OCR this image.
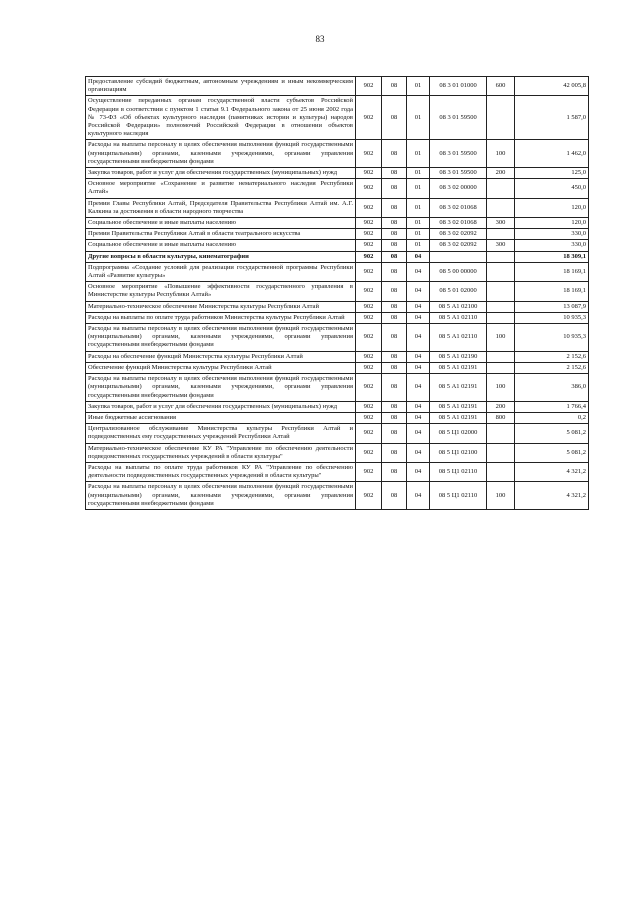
83
Предоставление субсидий бюджетным, автономным учреждениям и иным некоммерческим организациям	902	08	01	08 3 01 01000	600	42 005,8
Осуществление переданных органам государственной власти субъектов Российской Федерации в соответствии с пунктом 1 статьи 9.1 Федерального закона от 25 июня 2002 года № 73-ФЗ «Об объектах культурного наследия (памятниках истории и культуры) народов Российской Федерации» полномочий Российской Федерации в отношении объектов культурного наследия	902	08	01	08 3 01 59500		1 587,0
Расходы на выплаты персоналу в целях обеспечения выполнения функций государственными (муниципальными) органами, казенными учреждениями, органами управления государственными внебюджетными фондами	902	08	01	08 3 01 59500	100	1 462,0
Закупка товаров, работ и услуг для обеспечения государственных (муниципальных) нужд	902	08	01	08 3 01 59500	200	125,0
Основное мероприятие «Сохранение и развитие нематериального наследия Республики Алтай»	902	08	01	08 3 02 00000		450,0
Премии Главы Республики Алтай, Председателя Правительства Республики Алтай им. А.Г. Калкина за достижения в области народного творчества	902	08	01	08 3 02 01068		120,0
Социальное обеспечение и иные выплаты населению	902	08	01	08 3 02 01068	300	120,0
Премии Правительства Республики Алтай в области театрального искусства	902	08	01	08 3 02 02092		330,0
Социальное обеспечение и иные выплаты населению	902	08	01	08 3 02 02092	300	330,0
Другие вопросы в области культуры, кинематографии	902	08	04			18 309,1
Подпрограмма «Создание условий для реализации государственной программы Республики Алтай «Развитие культуры»	902	08	04	08 5 00 00000		18 169,1
Основное мероприятие «Повышение эффективности государственного управления в Министерстве культуры Республики Алтай»	902	08	04	08 5 01 02000		18 169,1
Материально-техническое обеспечение Министерства культуры Республики Алтай	902	08	04	08 5 А1 02100		13 087,9
Расходы на выплаты по оплате труда работников Министерства культуры Республики Алтай	902	08	04	08 5 А1 02110		10 935,3
Расходы на выплаты персоналу в целях обеспечения выполнения функций государственными (муниципальными) органами, казенными учреждениями, органами управления государственными внебюджетными фондами	902	08	04	08 5 А1 02110	100	10 935,3
Расходы на обеспечение функций Министерства культуры Республики Алтай	902	08	04	08 5 А1 02190		2 152,6
Обеспечение функций Министерства культуры Республики Алтай	902	08	04	08 5 А1 02191		2 152,6
Расходы на выплаты персоналу в целях обеспечения выполнения функций государственными (муниципальными) органами, казенными учреждениями, органами управления государственными внебюджетными фондами	902	08	04	08 5 А1 02191	100	386,0
Закупка товаров, работ и услуг для обеспечения государственных (муниципальных) нужд	902	08	04	08 5 А1 02191	200	1 766,4
Иные бюджетные ассигнования	902	08	04	08 5 А1 02191	800	0,2
Централизованное обслуживание Министерства культуры Республики Алтай и подведомственных ему государственных учреждений Республики Алтай	902	08	04	08 5 Ц1 02000		5 081,2
Материально-техническое обеспечение КУ РА "Управление по обеспечению деятельности подведомственных государственных учреждений в области культуры"	902	08	04	08 5 Ц1 02100		5 081,2
Расходы на выплаты по оплате труда работников КУ РА "Управление по обеспечению деятельности подведомственных государственных учреждений в области культуры"	902	08	04	08 5 Ц1 02110		4 321,2
Расходы на выплаты персоналу в целях обеспечения выполнения функций государственными (муниципальными) органами, казенными учреждениями, органами управления государственными внебюджетными фондами	902	08	04	08 5 Ц1 02110	100	4 321,2
